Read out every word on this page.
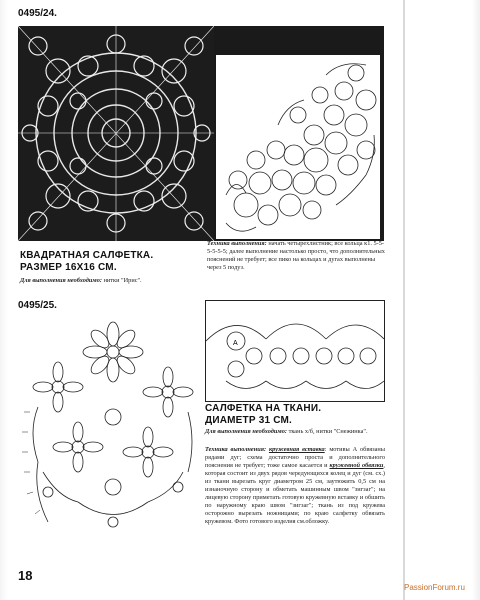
0495/24.
КВАДРАТНАЯ САЛФЕТКА.
РАЗМЕР 16Х16 СМ.
Для выполнения необходимо: нитки "Ирис".
Техника выполнения: начать четырехлистник; все кольца к1. 5-5-5-5-5-5; далее выполнение настолько просто, что дополнительных пояснений не требует; все пико на кольцах и дугах выполнены через 5 подуз.
0495/25.
А
САЛФЕТКА НА ТКАНИ.
ДИАМЕТР 31 СМ.
Для выполнения необходимо: ткань х/б, нитки "Снежинка".
Техника выполнения: кружевная вставка: мотивы А обвязаны рядами дуг; схема достаточно проста и дополнительного пояснения не требует; тоже самое касается и кружевной обвязки, которая состоит из двух рядов чередующихся колец и дуг (см. сх.) из ткани вырезать круг диаметром 25 см, заутюжить 0,5 см на изнаночную сторону и обметать машинным швом "зигзаг"; на лицевую сторону приметать готовую кружевную вставку и обшить по наружному краю швом "зигзаг"; ткань из под кружева осторожно вырезать ножницами; по краю салфетку обвязать кружевом. Фото готового изделия см.обложку.
18
PassionForum.ru
